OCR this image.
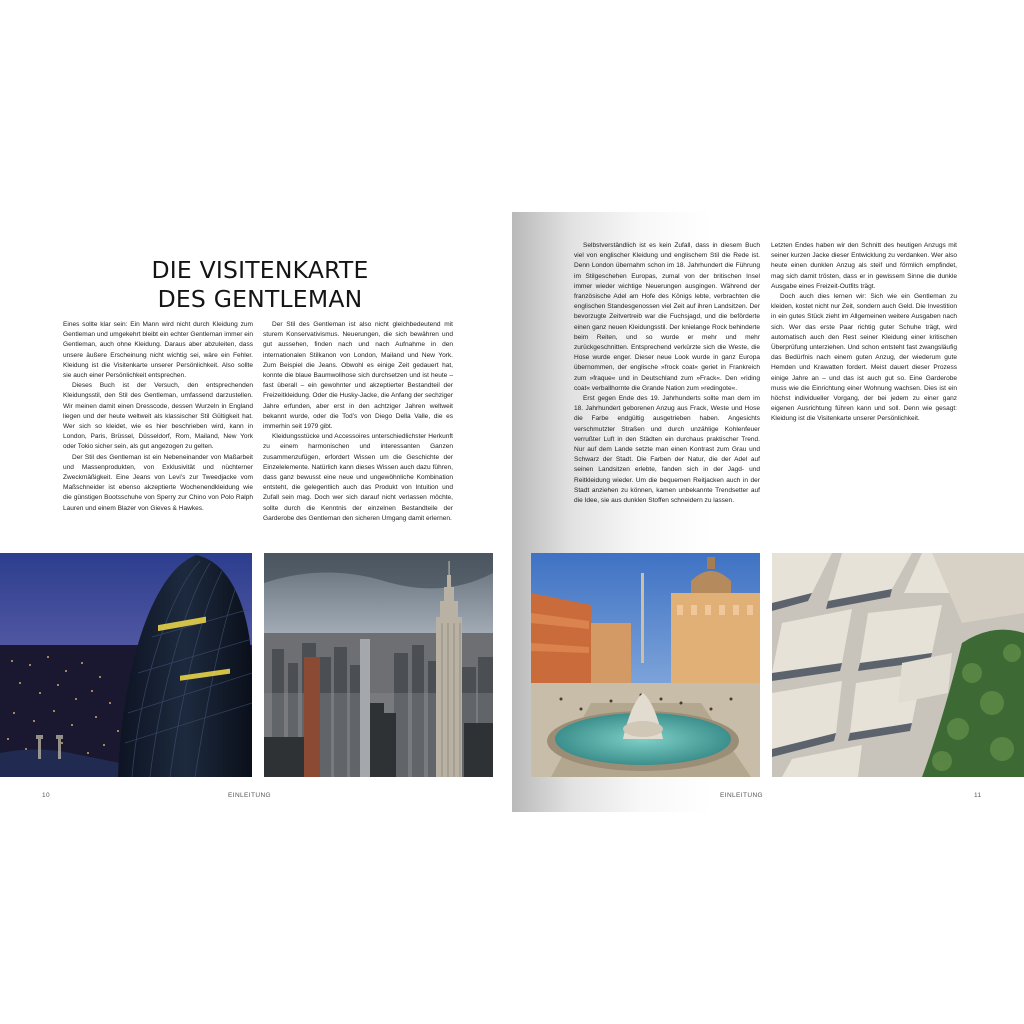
DIE VISITENKARTE
DES GENTLEMAN

Eines sollte klar sein: Ein Mann wird nicht durch Kleidung zum Gentleman und umgekehrt bleibt ein echter Gentleman immer ein Gentleman, auch ohne Kleidung. Daraus aber abzuleiten, dass unsere äußere Erscheinung nicht wichtig sei, wäre ein Fehler. Kleidung ist die Visitenkarte unserer Persönlichkeit. Also sollte sie auch einer Persönlichkeit entsprechen.

Dieses Buch ist der Versuch, den entsprechenden Kleidungsstil, den Stil des Gentleman, umfassend darzustellen. Wir meinen damit einen Dresscode, dessen Wurzeln in England liegen und der heute weltweit als klassischer Stil Gültigkeit hat. Wer sich so kleidet, wie es hier beschrieben wird, kann in London, Paris, Brüssel, Düsseldorf, Rom, Mailand, New York oder Tokio sicher sein, als gut angezogen zu gelten.

Der Stil des Gentleman ist ein Nebeneinander von Maßarbeit und Massenprodukten, von Exklusivität und nüchterner Zweckmäßigkeit. Eine Jeans von Levi’s zur Tweedjacke vom Maßschneider ist ebenso akzeptierte Wochenendkleidung wie die günstigen Bootsschuhe von Sperry zur Chino von Polo Ralph Lauren und einem Blazer von Gieves & Hawkes.

Der Stil des Gentleman ist also nicht gleichbedeutend mit sturem Konservativismus. Neuerungen, die sich bewähren und gut aussehen, finden nach und nach Aufnahme in den internationalen Stilkanon von London, Mailand und New York. Zum Beispiel die Jeans. Obwohl es einige Zeit gedauert hat, konnte die blaue Baumwollhose sich durchsetzen und ist heute – fast überall – ein gewohnter und akzeptierter Bestandteil der Freizeitkleidung. Oder die Husky-Jacke, die Anfang der sechziger Jahre erfunden, aber erst in den achtziger Jahren weltweit bekannt wurde, oder die Tod’s von Diego Della Valle, die es immerhin seit 1979 gibt.

Kleidungsstücke und Accessoires unterschiedlichster Herkunft zu einem harmonischen und interessanten Ganzen zusammenzufügen, erfordert Wissen um die Geschichte der Einzelelemente. Natürlich kann dieses Wissen auch dazu führen, dass ganz bewusst eine neue und ungewöhnliche Kombination entsteht, die gelegentlich auch das Produkt von Intuition und Zufall sein mag. Doch wer sich darauf nicht verlassen möchte, sollte durch die Kenntnis der einzelnen Bestandteile der Garderobe des Gentleman den sicheren Umgang damit erlernen.

10	EINLEITUNG

Selbstverständlich ist es kein Zufall, dass in diesem Buch viel von englischer Kleidung und englischem Stil die Rede ist. Denn London übernahm schon im 18. Jahrhundert die Führung im Stilgeschehen Europas, zumal von der britischen Insel immer wieder wichtige Neuerungen ausgingen. Während der französische Adel am Hofe des Königs lebte, verbrachten die englischen Standesgenossen viel Zeit auf ihren Landsitzen. Der bevorzugte Zeitvertreib war die Fuchsjagd, und die beförderte einen ganz neuen Kleidungsstil. Der knielange Rock behinderte beim Reiten, und so wurde er mehr und mehr zurückgeschnitten. Entsprechend verkürzte sich die Weste, die Hose wurde enger. Dieser neue Look wurde in ganz Europa übernommen, der englische »frock coat« geriet in Frankreich zum »fraque« und in Deutschland zum »Frack«. Den »riding coat« verballhornte die Grande Nation zum »redingote«.

Erst gegen Ende des 19. Jahrhunderts sollte man dem im 18. Jahrhundert geborenen Anzug aus Frack, Weste und Hose die Farbe endgültig ausgetrieben haben. Angesichts verschmutzter Straßen und durch unzählige Kohlenfeuer verrußter Luft in den Städten ein durchaus praktischer Trend. Nur auf dem Lande setzte man einen Kontrast zum Grau und Schwarz der Stadt. Die Farben der Natur, die der Adel auf seinen Landsitzen erlebte, fanden sich in der Jagd- und Reitkleidung wieder. Um die bequemen Reitjacken auch in der Stadt anziehen zu können, kamen unbekannte Trendsetter auf die Idee, sie aus dunklen Stoffen schneidern zu lassen.

Letzten Endes haben wir den Schnitt des heutigen Anzugs mit seiner kurzen Jacke dieser Entwicklung zu verdanken. Wer also heute einen dunklen Anzug als steif und förmlich empfindet, mag sich damit trösten, dass er in gewissem Sinne die dunkle Ausgabe eines Freizeit-Outfits trägt.

Doch auch dies lernen wir: Sich wie ein Gentleman zu kleiden, kostet nicht nur Zeit, sondern auch Geld. Die Investition in ein gutes Stück zieht im Allgemeinen weitere Ausgaben nach sich. Wer das erste Paar richtig guter Schuhe trägt, wird automatisch auch den Rest seiner Kleidung einer kritischen Überprüfung unterziehen. Und schon entsteht fast zwangsläufig das Bedürfnis nach einem guten Anzug, der wiederum gute Hemden und Krawatten fordert. Meist dauert dieser Prozess einige Jahre an – und das ist auch gut so. Eine Garderobe muss wie die Einrichtung einer Wohnung wachsen. Dies ist ein höchst individueller Vorgang, der bei jedem zu einer ganz eigenen Ausrichtung führen kann und soll. Denn wie gesagt: Kleidung ist die Visitenkarte unserer Persönlichkeit.

EINLEITUNG	11
